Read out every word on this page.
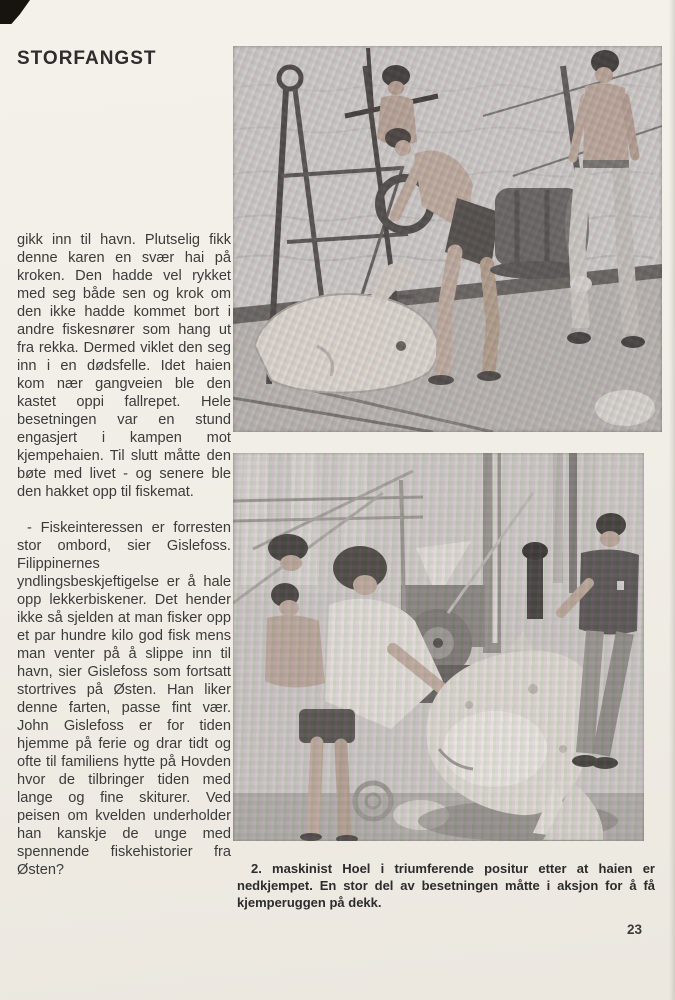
STORFANGST

gikk inn til havn. Plutselig fikk denne karen en svær hai på kroken. Den hadde vel rykket med seg både sen og krok om den ikke hadde kommet bort i andre fiskesnører som hang ut fra rekka. Dermed viklet den seg inn i en dødsfelle. Idet haien kom nær gangveien ble den kastet oppi fallrepet. Hele besetningen var en stund engasjert i kampen mot kjempehaien. Til slutt måtte den bøte med livet - og senere ble den hakket opp til fiskemat.

- Fiskeinteressen er forresten stor ombord, sier Gislefoss. Filippinernes yndlingsbeskjeftigelse er å hale opp lekkerbiskener. Det hender ikke så sjelden at man fisker opp et par hundre kilo god fisk mens man venter på å slippe inn til havn, sier Gislefoss som fortsatt stortrives på Østen. Han liker denne farten, passe fint vær. John Gislefoss er for tiden hjemme på ferie og drar tidt og ofte til familiens hytte på Hovden hvor de tilbringer tiden med lange og fine skiturer. Ved peisen om kvelden underholder han kanskje de unge med spennende fiskehistorier fra Østen?	2. maskinist Hoel i triumferende positur etter at haien er nedkjempet. En stor del av besetningen måtte i aksjon for å få kjemperuggen på dekk.
23
